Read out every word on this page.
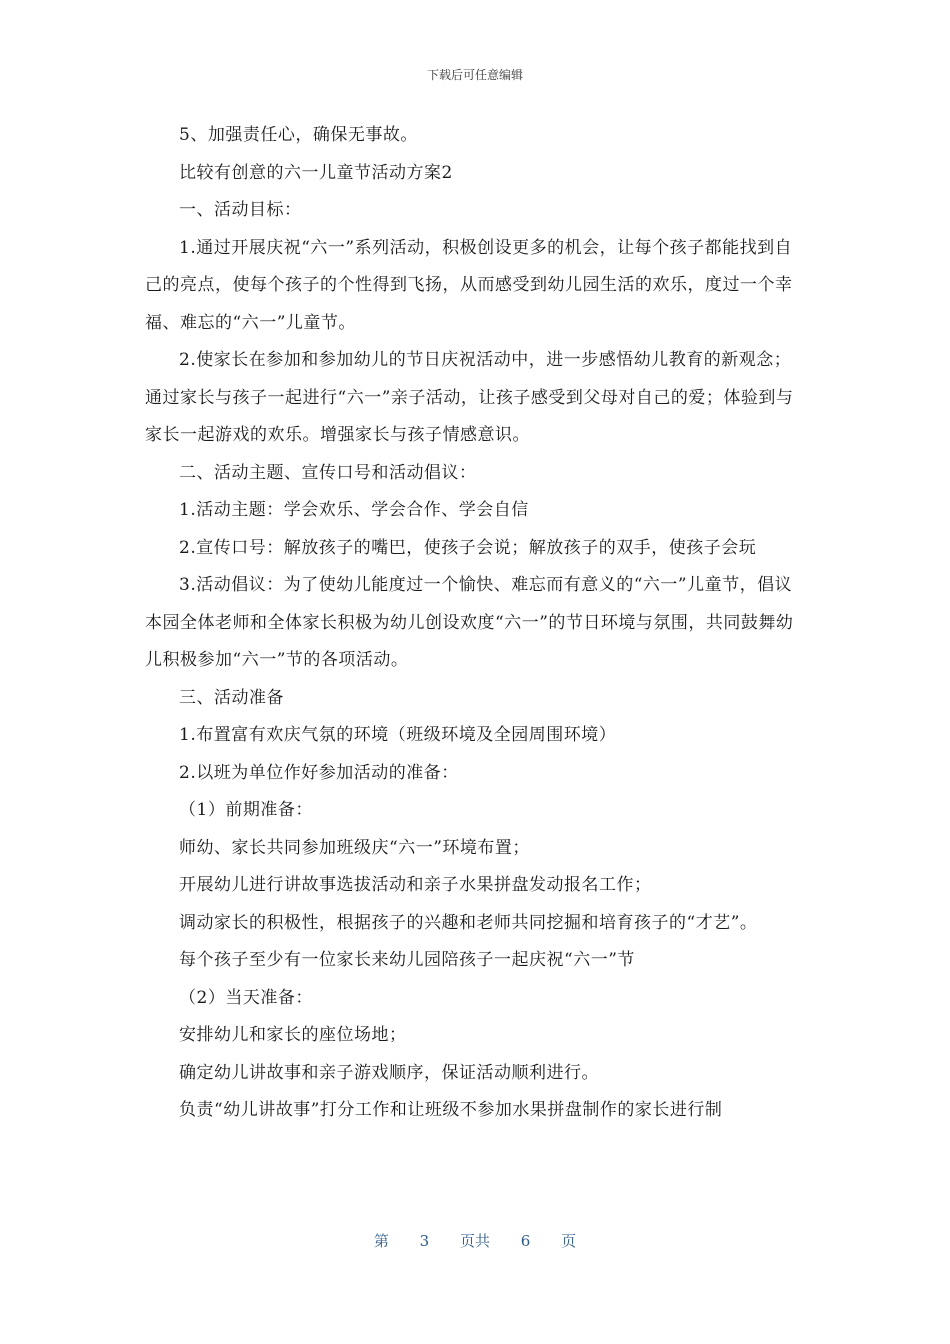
下载后可任意编辑

5、加强责任心，确保无事故。

比较有创意的六一儿童节活动方案2

一、活动目标：

1.通过开展庆祝“六一”系列活动，积极创设更多的机会，让每个孩子都能找到自己的亮点，使每个孩子的个性得到飞扬，从而感受到幼儿园生活的欢乐，度过一个幸福、难忘的“六一”儿童节。

2.使家长在参加和参加幼儿的节日庆祝活动中，进一步感悟幼儿教育的新观念；通过家长与孩子一起进行“六一”亲子活动，让孩子感受到父母对自己的爱；体验到与家长一起游戏的欢乐。增强家长与孩子情感意识。

二、活动主题、宣传口号和活动倡议：

1.活动主题：学会欢乐、学会合作、学会自信

2.宣传口号：解放孩子的嘴巴，使孩子会说；解放孩子的双手，使孩子会玩

3.活动倡议：为了使幼儿能度过一个愉快、难忘而有意义的“六一”儿童节，倡议本园全体老师和全体家长积极为幼儿创设欢度“六一”的节日环境与氛围，共同鼓舞幼儿积极参加“六一”节的各项活动。

三、活动准备

1.布置富有欢庆气氛的环境（班级环境及全园周围环境）

2.以班为单位作好参加活动的准备：

（1）前期准备：

师幼、家长共同参加班级庆“六一”环境布置；

开展幼儿进行讲故事选拔活动和亲子水果拼盘发动报名工作；

调动家长的积极性，根据孩子的兴趣和老师共同挖掘和培育孩子的“才艺”。

每个孩子至少有一位家长来幼儿园陪孩子一起庆祝“六一”节

（2）当天准备：

安排幼儿和家长的座位场地；

确定幼儿讲故事和亲子游戏顺序，保证活动顺利进行。

负责“幼儿讲故事”打分工作和让班级不参加水果拼盘制作的家长进行制

第 3 页共 6 页
